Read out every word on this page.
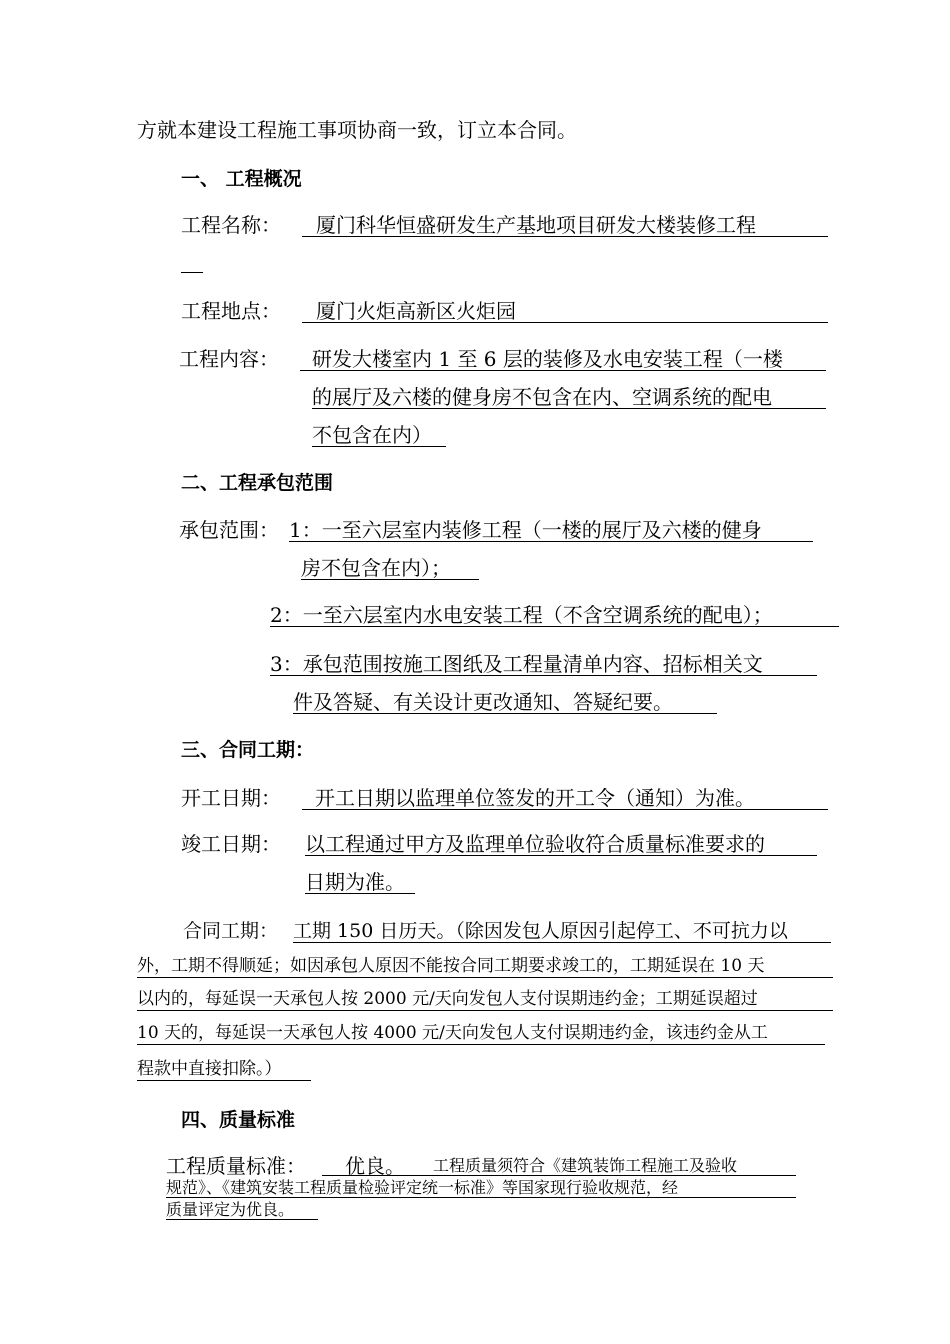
方就本建设工程施工事项协商一致，订立本合同。
一、 工程概况
工程名称： 厦门科华恒盛研发生产基地项目研发大楼装修工程
工程地点： 厦门火炬高新区火炬园
工程内容： 研发大楼室内 1 至 6 层的装修及水电安装工程（一楼
的展厅及六楼的健身房不包含在内、空调系统的配电
不包含在内）
二、工程承包范围
承包范围： 1：一至六层室内装修工程（一楼的展厅及六楼的健身
房不包含在内）；
2：一至六层室内水电安装工程（不含空调系统的配电）；
3：承包范围按施工图纸及工程量清单内容、招标相关文
件及答疑、有关设计更改通知、答疑纪要。
三、合同工期：
开工日期： 开工日期以监理单位签发的开工令（通知）为准。
竣工日期： 以工程通过甲方及监理单位验收符合质量标准要求的
日期为准。
合同工期： 工期 150 日历天。（除因发包人原因引起停工、不可抗力以
外，工期不得顺延；如因承包人原因不能按合同工期要求竣工的，工期延误在 10 天
以内的，每延误一天承包人按 2000 元/天向发包人支付误期违约金；工期延误超过
10 天的，每延误一天承包人按 4000 元/天向发包人支付误期违约金，该违约金从工
程款中直接扣除。）
四、质量标准
工程质量标准： 优良。 工程质量须符合《建筑装饰工程施工及验收
规范》、《建筑安装工程质量检验评定统一标准》等国家现行验收规范，经
质量评定为优良。
